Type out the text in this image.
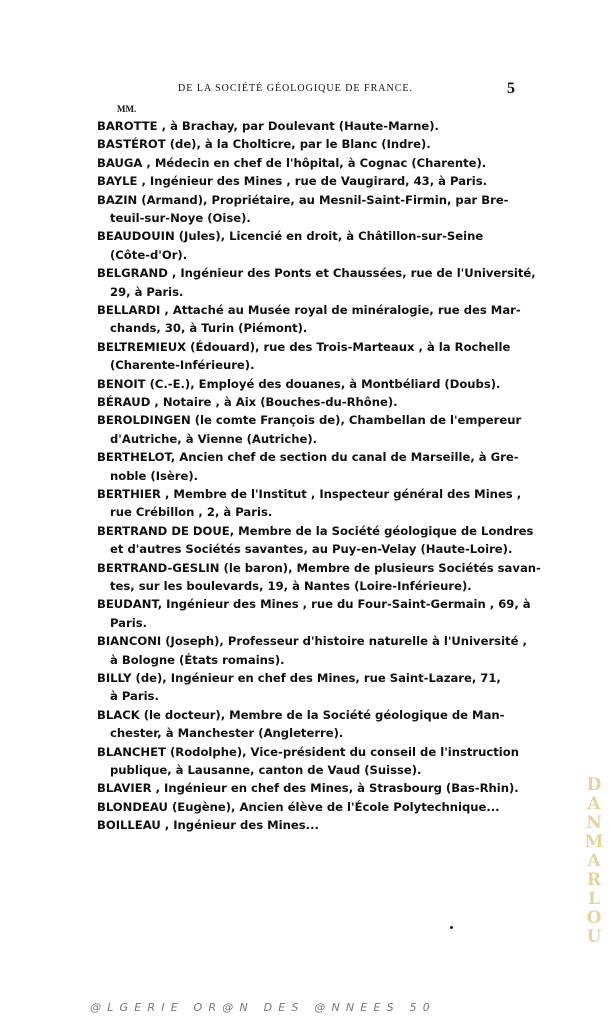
DE LA SOCIÉTÉ GÉOLOGIQUE DE FRANCE.	5
MM.
BAROTTE , à Brachay, par Doulevant (Haute-Marne).
BASTÉROT (de), à la Cholticre, par le Blanc (Indre).
BAUGA , Médecin en chef de l'hôpital, à Cognac (Charente).
BAYLE , Ingénieur des Mines , rue de Vaugirard, 43, à Paris.
BAZIN (Armand), Propriétaire, au Mesnil-Saint-Firmin, par Bre-
teuil-sur-Noye (Oise).
BEAUDOUIN (Jules), Licencié en droit, à Châtillon-sur-Seine
(Côte-d'Or).
BELGRAND , Ingénieur des Ponts et Chaussées, rue de l'Université,
29, à Paris.
BELLARDI , Attaché au Musée royal de minéralogie, rue des Mar-
chands, 30, à Turin (Piémont).
BELTREMIEUX (Édouard), rue des Trois-Marteaux , à la Rochelle
(Charente-Inférieure).
BENOIT (C.-E.), Employé des douanes, à Montbéliard (Doubs).
BÉRAUD , Notaire , à Aix (Bouches-du-Rhône).
BEROLDINGEN (le comte François de), Chambellan de l'empereur
d'Autriche, à Vienne (Autriche).
BERTHELOT, Ancien chef de section du canal de Marseille, à Gre-
noble (Isère).
BERTHIER , Membre de l'Institut , Inspecteur général des Mines ,
rue Crébillon , 2, à Paris.
BERTRAND DE DOUE, Membre de la Société géologique de Londres
et d'autres Sociétés savantes, au Puy-en-Velay (Haute-Loire).
BERTRAND-GESLIN (le baron), Membre de plusieurs Sociétés savan-
tes, sur les boulevards, 19, à Nantes (Loire-Inférieure).
BEUDANT, Ingénieur des Mines , rue du Four-Saint-Germain , 69, à
Paris.
BIANCONI (Joseph), Professeur d'histoire naturelle à l'Université ,
à Bologne (États romains).
BILLY (de), Ingénieur en chef des Mines, rue Saint-Lazare, 71,
à Paris.
BLACK (le docteur), Membre de la Société géologique de Man-
chester, à Manchester (Angleterre).
BLANCHET (Rodolphe), Vice-président du conseil de l'instruction
publique, à Lausanne, canton de Vaud (Suisse).
BLAVIER , Ingénieur en chef des Mines, à Strasbourg (Bas-Rhin).
BLONDEAU (Eugène), Ancien élève de l'École Polytechnique...
BOILLEAU , Ingénieur des Mines...	DANMARLOU
@LGERIE OR@N DES @NNEES 50
